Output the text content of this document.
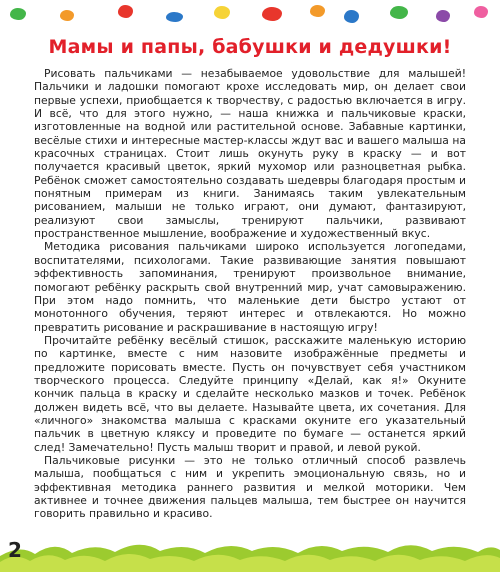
Мамы и папы, бабушки и дедушки!

Рисовать пальчиками — незабываемое удовольствие для малышей! Пальчики и ладошки помогают крохе исследовать мир, он делает свои первые успехи, приобщается к творчеству, с радостью включается в игру. И всё, что для этого нужно, — наша книжка и пальчиковые краски, изготовленные на водной или растительной основе. Забавные картинки, весёлые стихи и интересные мастер-классы ждут вас и вашего малыша на красочных страницах. Стоит лишь окунуть руку в краску — и вот получается красивый цветок, яркий мухомор или разноцветная рыбка. Ребёнок сможет самостоятельно создавать шедевры благодаря простым и понятным примерам из книги. Занимаясь таким увлекательным рисованием, малыши не только играют, они думают, фантазируют, реализуют свои замыслы, тренируют пальчики, развивают пространственное мышление, воображение и художественный вкус.

Методика рисования пальчиками широко используется логопедами, воспитателями, психологами. Такие развивающие занятия повышают эффективность запоминания, тренируют произвольное внимание, помогают ребёнку раскрыть свой внутренний мир, учат самовыражению. При этом надо помнить, что маленькие дети быстро устают от монотонного обучения, теряют интерес и отвлекаются. Но можно превратить рисование и раскрашивание в настоящую игру!

Прочитайте ребёнку весёлый стишок, расскажите маленькую историю по картинке, вместе с ним назовите изображённые предметы и предложите порисовать вместе. Пусть он почувствует себя участником творческого процесса. Следуйте принципу «Делай, как я!» Окуните кончик пальца в краску и сделайте несколько мазков и точек. Ребёнок должен видеть всё, что вы делаете. Называйте цвета, их сочетания. Для «личного» знакомства малыша с красками окуните его указательный пальчик в цветную кляксу и проведите по бумаге — останется яркий след! Замечательно! Пусть малыш творит и правой, и левой рукой.

Пальчиковые рисунки — это не только отличный способ развлечь малыша, пообщаться с ним и укрепить эмоциональную связь, но и эффективная методика раннего развития и мелкой моторики. Чем активнее и точнее движения пальцев малыша, тем быстрее он научится говорить правильно и красиво.

2
